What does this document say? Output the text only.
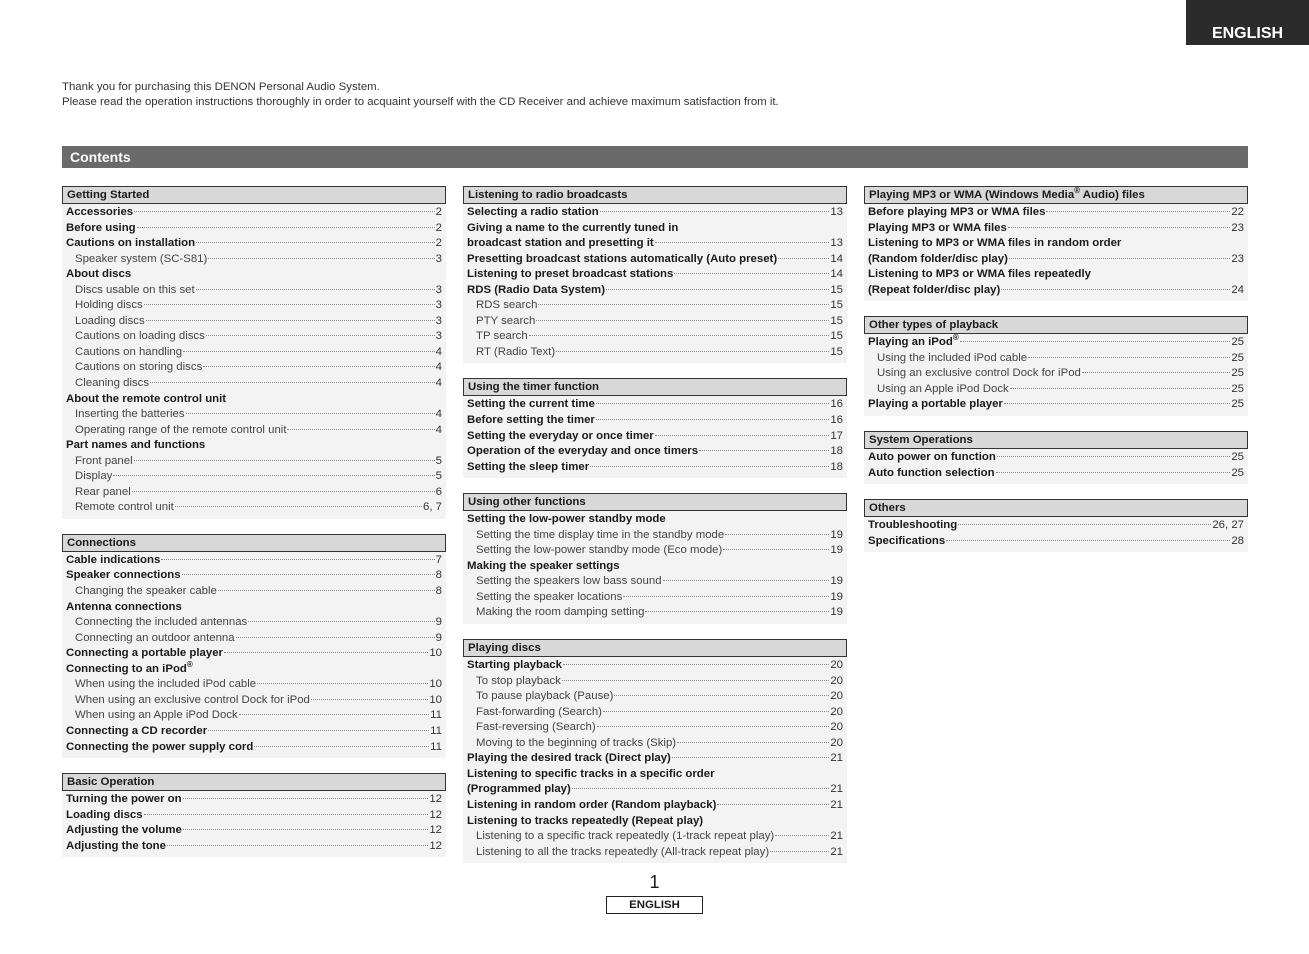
ENGLISH
Thank you for purchasing this DENON Personal Audio System.
Please read the operation instructions thoroughly in order to acquaint yourself with the CD Receiver and achieve maximum satisfaction from it.
Contents
Getting Started
Accessories	2
Before using	2
Cautions on installation	2
Speaker system (SC-S81)	3
About discs
Discs usable on this set	3
Holding discs	3
Loading discs	3
Cautions on loading discs	3
Cautions on handling	4
Cautions on storing discs	4
Cleaning discs	4
About the remote control unit
Inserting the batteries	4
Operating range of the remote control unit	4
Part names and functions
Front panel	5
Display	5
Rear panel	6
Remote control unit	6, 7
Connections
Cable indications	7
Speaker connections	8
Changing the speaker cable	8
Antenna connections
Connecting the included antennas	9
Connecting an outdoor antenna	9
Connecting a portable player	10
Connecting to an iPod®
When using the included iPod cable	10
When using an exclusive control Dock for iPod	10
When using an Apple iPod Dock	11
Connecting a CD recorder	11
Connecting the power supply cord	11
Basic Operation
Turning the power on	12
Loading discs	12
Adjusting the volume	12
Adjusting the tone	12
Listening to radio broadcasts
Selecting a radio station	13
Giving a name to the currently tuned in
broadcast station and presetting it	13
Presetting broadcast stations automatically (Auto preset)	14
Listening to preset broadcast stations	14
RDS (Radio Data System)	15
RDS search	15
PTY search	15
TP search	15
RT (Radio Text)	15
Using the timer function
Setting the current time	16
Before setting the timer	16
Setting the everyday or once timer	17
Operation of the everyday and once timers	18
Setting the sleep timer	18
Using other functions
Setting the low-power standby mode
Setting the time display time in the standby mode	19
Setting the low-power standby mode (Eco mode)	19
Making the speaker settings
Setting the speakers low bass sound	19
Setting the speaker locations	19
Making the room damping setting	19
Playing discs
Starting playback	20
To stop playback	20
To pause playback (Pause)	20
Fast-forwarding (Search)	20
Fast-reversing (Search)	20
Moving to the beginning of tracks (Skip)	20
Playing the desired track (Direct play)	21
Listening to specific tracks in a specific order
(Programmed play)	21
Listening in random order (Random playback)	21
Listening to tracks repeatedly (Repeat play)
Listening to a specific track repeatedly (1-track repeat play)	21
Listening to all the tracks repeatedly (All-track repeat play)	21
Playing MP3 or WMA (Windows Media® Audio) files
Before playing MP3 or WMA files	22
Playing MP3 or WMA files	23
Listening to MP3 or WMA files in random order
(Random folder/disc play)	23
Listening to MP3 or WMA files repeatedly
(Repeat folder/disc play)	24
Other types of playback
Playing an iPod®	25
Using the included iPod cable	25
Using an exclusive control Dock for iPod	25
Using an Apple iPod Dock	25
Playing a portable player	25
System Operations
Auto power on function	25
Auto function selection	25
Others
Troubleshooting	26, 27
Specifications	28
1
ENGLISH
